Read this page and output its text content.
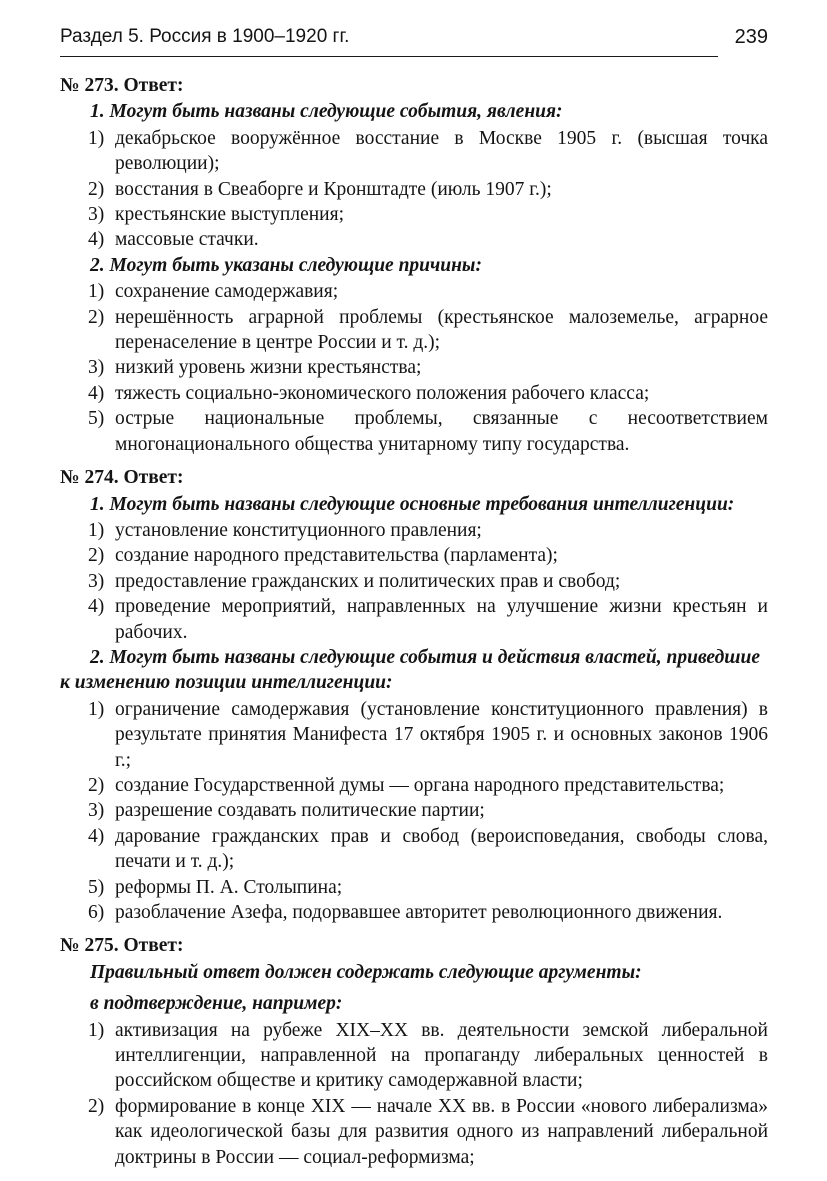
Раздел 5. Россия в 1900–1920 гг.	239
№ 273. Ответ:
1. Могут быть названы следующие события, явления:
1) декабрьское вооружённое восстание в Москве 1905 г. (высшая точка революции);
2) восстания в Свеаборге и Кронштадте (июль 1907 г.);
3) крестьянские выступления;
4) массовые стачки.
2. Могут быть указаны следующие причины:
1) сохранение самодержавия;
2) нерешённость аграрной проблемы (крестьянское малоземелье, аграрное перенаселение в центре России и т. д.);
3) низкий уровень жизни крестьянства;
4) тяжесть социально-экономического положения рабочего класса;
5) острые национальные проблемы, связанные с несоответствием многонационального общества унитарному типу государства.
№ 274. Ответ:
1. Могут быть названы следующие основные требования интеллигенции:
1) установление конституционного правления;
2) создание народного представительства (парламента);
3) предоставление гражданских и политических прав и свобод;
4) проведение мероприятий, направленных на улучшение жизни крестьян и рабочих.
2. Могут быть названы следующие события и действия властей, приведшие к изменению позиции интеллигенции:
1) ограничение самодержавия (установление конституционного правления) в результате принятия Манифеста 17 октября 1905 г. и основных законов 1906 г.;
2) создание Государственной думы — органа народного представительства;
3) разрешение создавать политические партии;
4) дарование гражданских прав и свобод (вероисповедания, свободы слова, печати и т. д.);
5) реформы П. А. Столыпина;
6) разоблачение Азефа, подорвавшее авторитет революционного движения.
№ 275. Ответ:
Правильный ответ должен содержать следующие аргументы:
в подтверждение, например:
1) активизация на рубеже XIX–XX вв. деятельности земской либеральной интеллигенции, направленной на пропаганду либеральных ценностей в российском обществе и критику самодержавной власти;
2) формирование в конце XIX — начале XX вв. в России «нового либерализма» как идеологической базы для развития одного из направлений либеральной доктрины в России — социал-реформизма;
